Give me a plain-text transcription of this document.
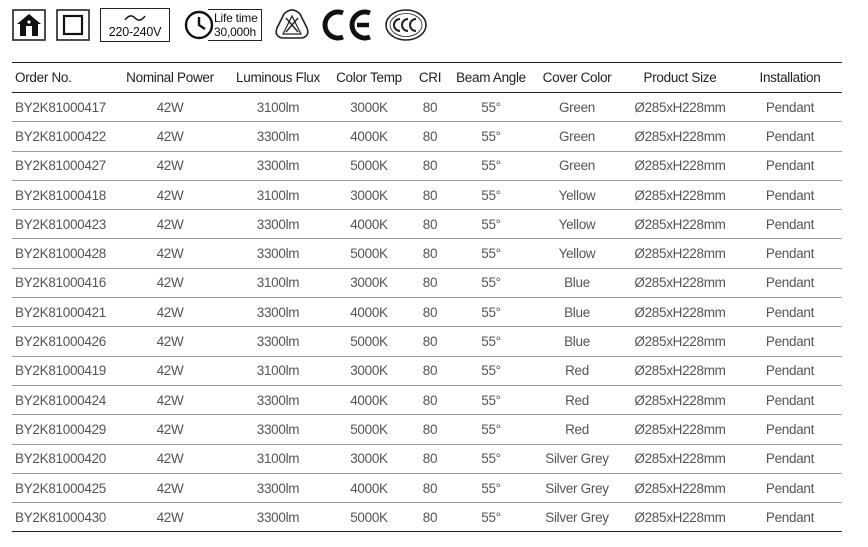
220-240V
Life time
30,000h
Order No.	Nominal Power	Luminous Flux	Color Temp	CRI	Beam Angle	Cover Color	Product Size	Installation
BY2K81000417	42W	3100lm	3000K	80	55°	Green	Ø285xH228mm	Pendant
BY2K81000422	42W	3300lm	4000K	80	55°	Green	Ø285xH228mm	Pendant
BY2K81000427	42W	3300lm	5000K	80	55°	Green	Ø285xH228mm	Pendant
BY2K81000418	42W	3100lm	3000K	80	55°	Yellow	Ø285xH228mm	Pendant
BY2K81000423	42W	3300lm	4000K	80	55°	Yellow	Ø285xH228mm	Pendant
BY2K81000428	42W	3300lm	5000K	80	55°	Yellow	Ø285xH228mm	Pendant
BY2K81000416	42W	3100lm	3000K	80	55°	Blue	Ø285xH228mm	Pendant
BY2K81000421	42W	3300lm	4000K	80	55°	Blue	Ø285xH228mm	Pendant
BY2K81000426	42W	3300lm	5000K	80	55°	Blue	Ø285xH228mm	Pendant
BY2K81000419	42W	3100lm	3000K	80	55°	Red	Ø285xH228mm	Pendant
BY2K81000424	42W	3300lm	4000K	80	55°	Red	Ø285xH228mm	Pendant
BY2K81000429	42W	3300lm	5000K	80	55°	Red	Ø285xH228mm	Pendant
BY2K81000420	42W	3100lm	3000K	80	55°	Silver Grey	Ø285xH228mm	Pendant
BY2K81000425	42W	3300lm	4000K	80	55°	Silver Grey	Ø285xH228mm	Pendant
BY2K81000430	42W	3300lm	5000K	80	55°	Silver Grey	Ø285xH228mm	Pendant
